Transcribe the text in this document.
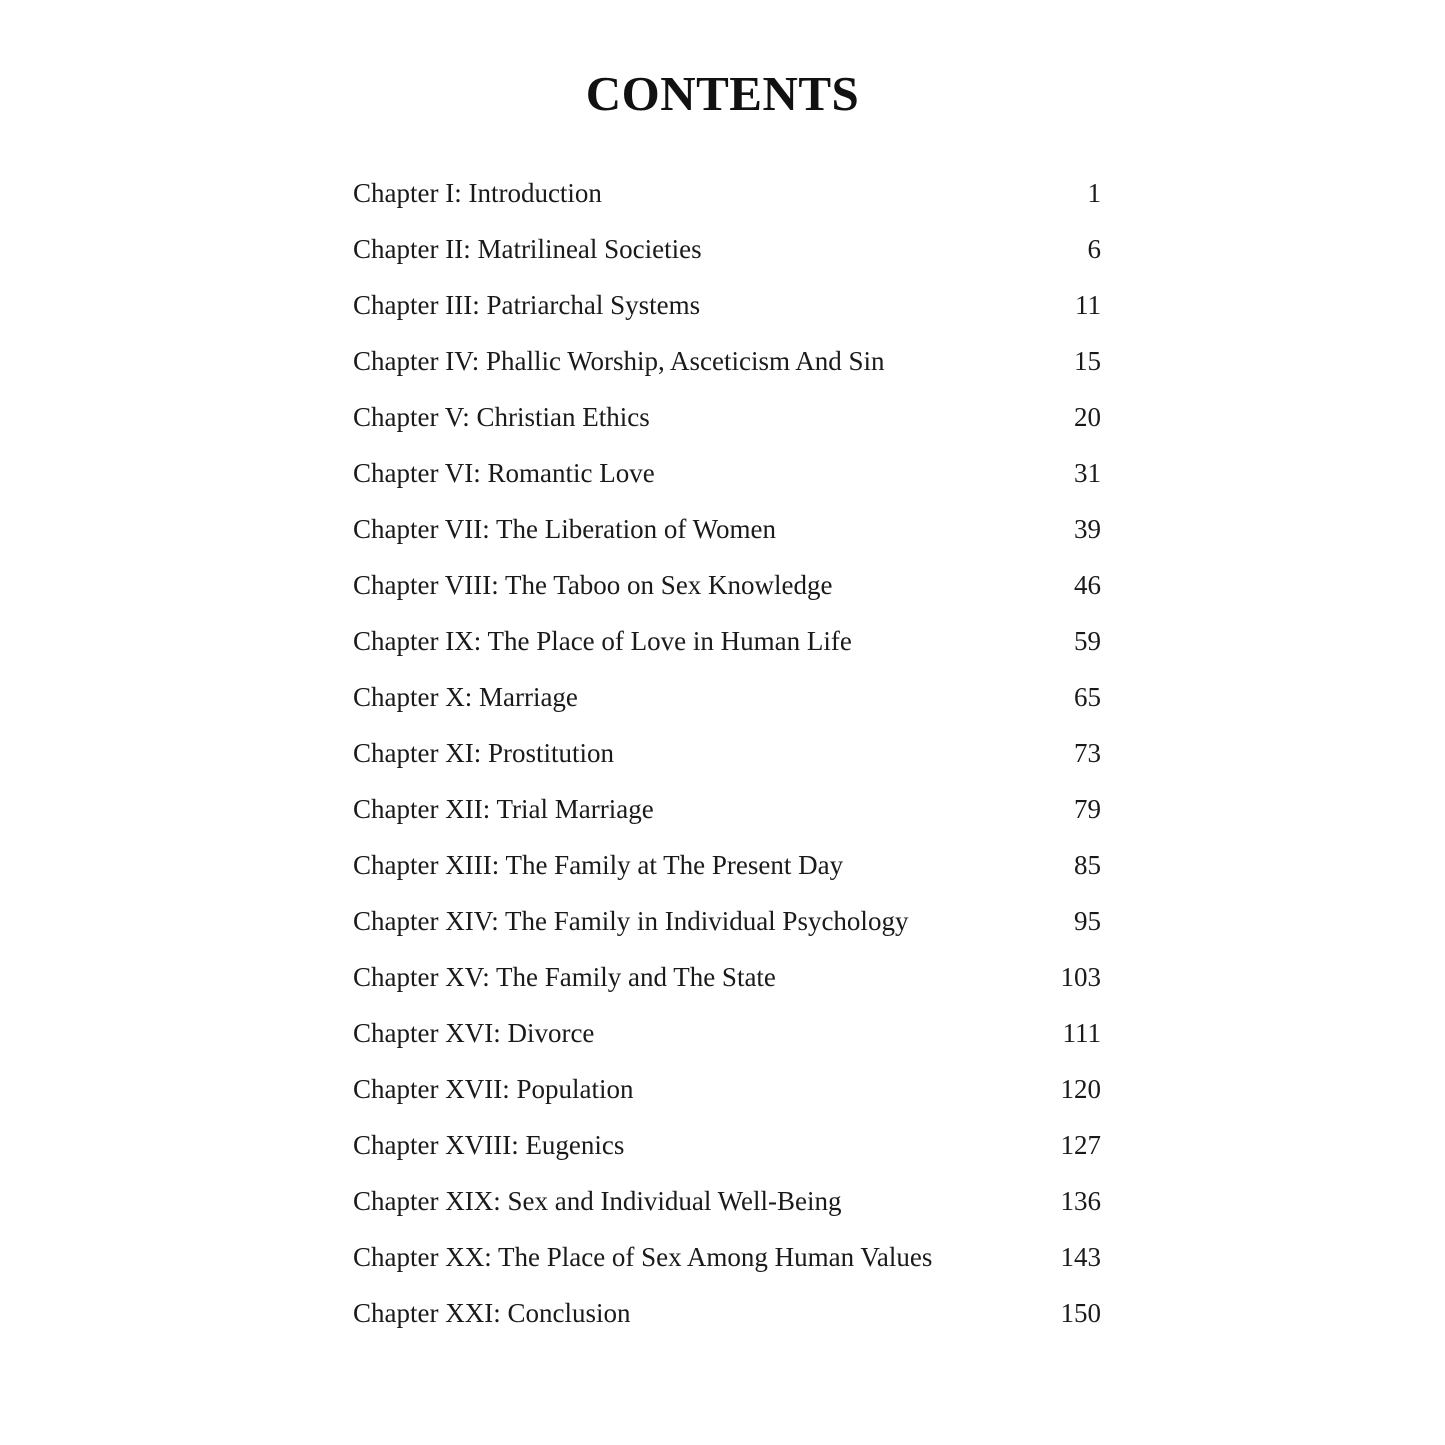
CONTENTS
Chapter I: Introduction	1
Chapter II: Matrilineal Societies	6
Chapter III: Patriarchal Systems	11
Chapter IV: Phallic Worship, Asceticism And Sin	15
Chapter V: Christian Ethics	20
Chapter VI: Romantic Love	31
Chapter VII: The Liberation of Women	39
Chapter VIII: The Taboo on Sex Knowledge	46
Chapter IX: The Place of Love in Human Life	59
Chapter X: Marriage	65
Chapter XI: Prostitution	73
Chapter XII: Trial Marriage	79
Chapter XIII: The Family at The Present Day	85
Chapter XIV: The Family in Individual Psychology	95
Chapter XV: The Family and The State	103
Chapter XVI: Divorce	111
Chapter XVII: Population	120
Chapter XVIII: Eugenics	127
Chapter XIX: Sex and Individual Well-Being	136
Chapter XX: The Place of Sex Among Human Values	143
Chapter XXI: Conclusion	150
